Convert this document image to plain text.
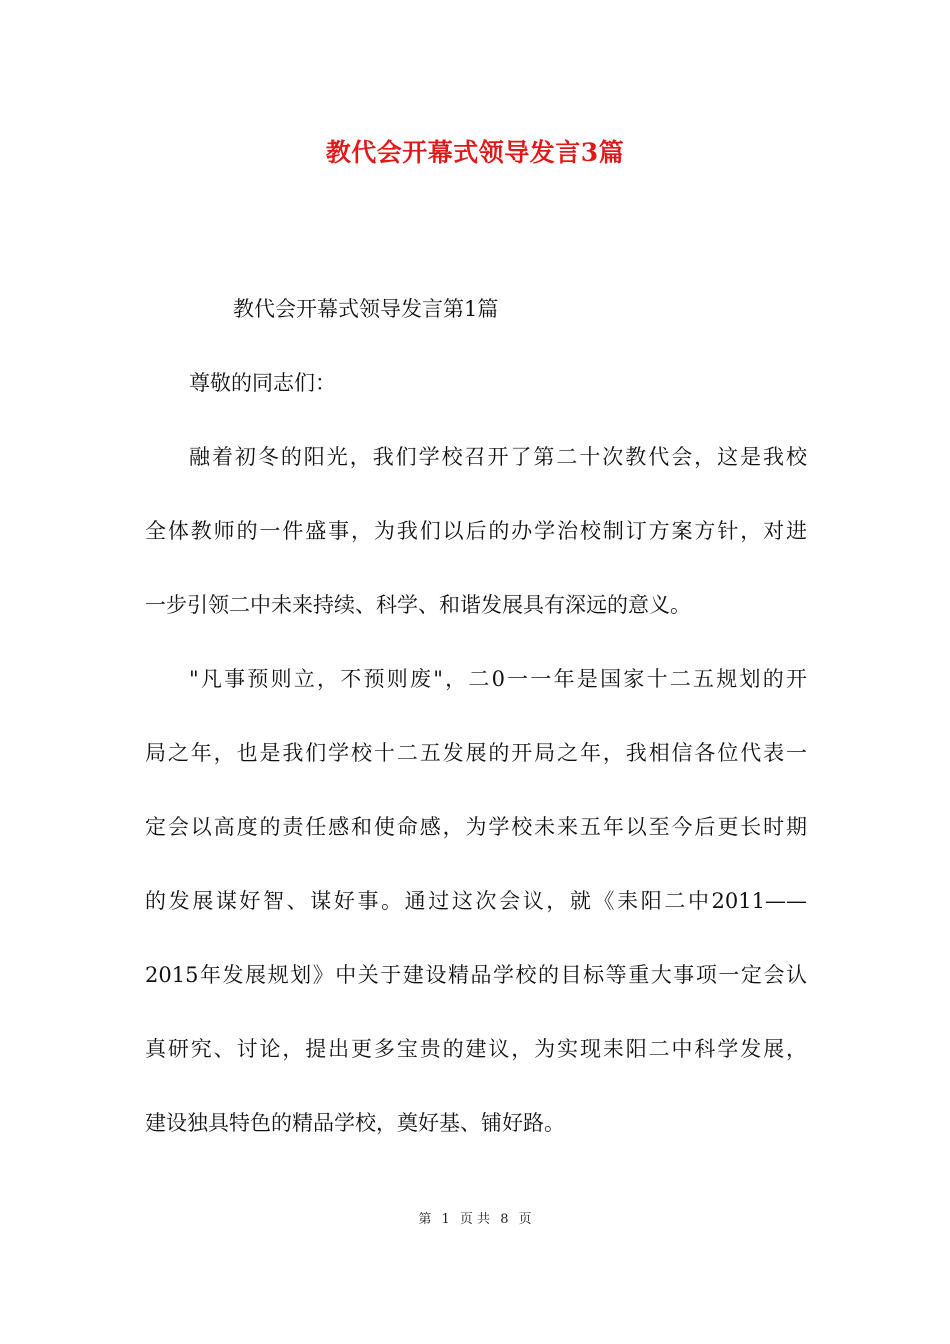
教代会开幕式领导发言3篇
教代会开幕式领导发言第1篇
尊敬的同志们：
融着初冬的阳光，我们学校召开了第二十次教代会，这是我校
全体教师的一件盛事，为我们以后的办学治校制订方案方针，对进
一步引领二中未来持续、科学、和谐发展具有深远的意义。
"凡事预则立，不预则废"，二0一一年是国家十二五规划的开
局之年，也是我们学校十二五发展的开局之年，我相信各位代表一
定会以高度的责任感和使命感，为学校未来五年以至今后更长时期
的发展谋好智、谋好事。通过这次会议，就《耒阳二中2011——
2015年发展规划》中关于建设精品学校的目标等重大事项一定会认
真研究、讨论，提出更多宝贵的建议，为实现耒阳二中科学发展，
建设独具特色的精品学校，奠好基、铺好路。
第 1 页 共 8 页
